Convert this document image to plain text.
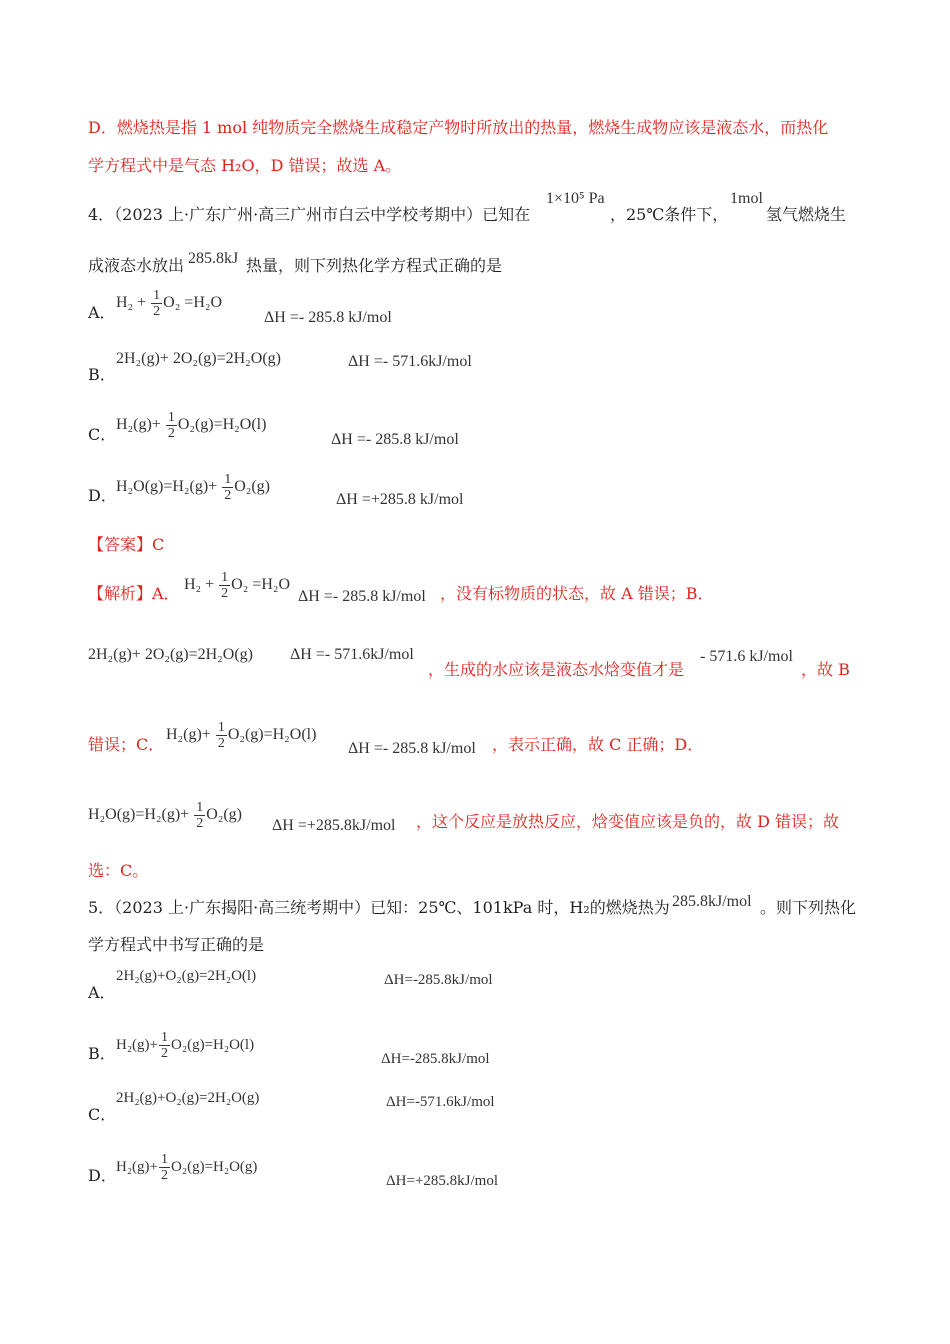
D．燃烧热是指 1 mol 纯物质完全燃烧生成稳定产物时所放出的热量，燃烧生成物应该是液态水，而热化
学方程式中是气态 H₂O，D 错误；故选 A。
4．（2023 上·广东广州·高三广州市白云中学校考期中）已知在
1×10⁵ Pa
，25℃条件下，
1mol
氢气燃烧生
成液态水放出 285.8kJ 热量，则下列热化学方程式正确的是
A．
$H_2 + \frac{1}{2} O_2 =H_2O$
ΔH =- 285.8 kJ/mol
B．
2H₂(g)+ 2O₂(g)=2H₂O(g)	ΔH =- 571.6kJ/mol
C．
$H_2(g)+ \frac{1}{2} O_2(g)=H_2O(l)$
ΔH =- 285.8 kJ/mol
D． $H_2O(g)=H_2(g)+ \frac{1}{2} O_2(g)$
ΔH =+285.8 kJ/mol
【答案】C
【解析】 A． $H_2 + \frac{1}{2} O_2 =H_2O$
ΔH =- 285.8 kJ/mol ，没有标物质的状态，故 A 错误；B．
2H₂(g)+ 2O₂(g)=2H₂O(g) ΔH =- 571.6kJ/mol
，生成的水应该是液态水焓变值才是
- 571.6 kJ/mol
，故 B
错误；C．
$H_2(g)+ \frac{1}{2} O_2(g)=H_2O(l)$
ΔH =- 285.8 kJ/mol ，表示正确，故 C 正确；D．
$H_2O(g)=H_2(g)+ \frac{1}{2} O_2(g)$
ΔH =+285.8kJ/mol ，这个反应是放热反应，焓变值应该是负的，故 D 错误；故
选：C。
5．（2023 上·广东揭阳·高三统考期中）已知：25℃、101kPa 时，H₂的燃烧热为 285.8kJ/mol 。则下列热化
学方程式中书写正确的是
A．
2H₂(g)+O₂(g)=2H₂O(l)	ΔH=-285.8kJ/mol
B． $H_2(g)+ \frac{1}{2} O_2(g)=H_2O(l)$
ΔH=-285.8kJ/mol
C．
2H₂(g)+O₂(g)=2H₂O(g)	ΔH=-571.6kJ/mol
D． $H_2(g)+ \frac{1}{2} O_2(g)=H_2O(g)$
ΔH=+285.8kJ/mol
